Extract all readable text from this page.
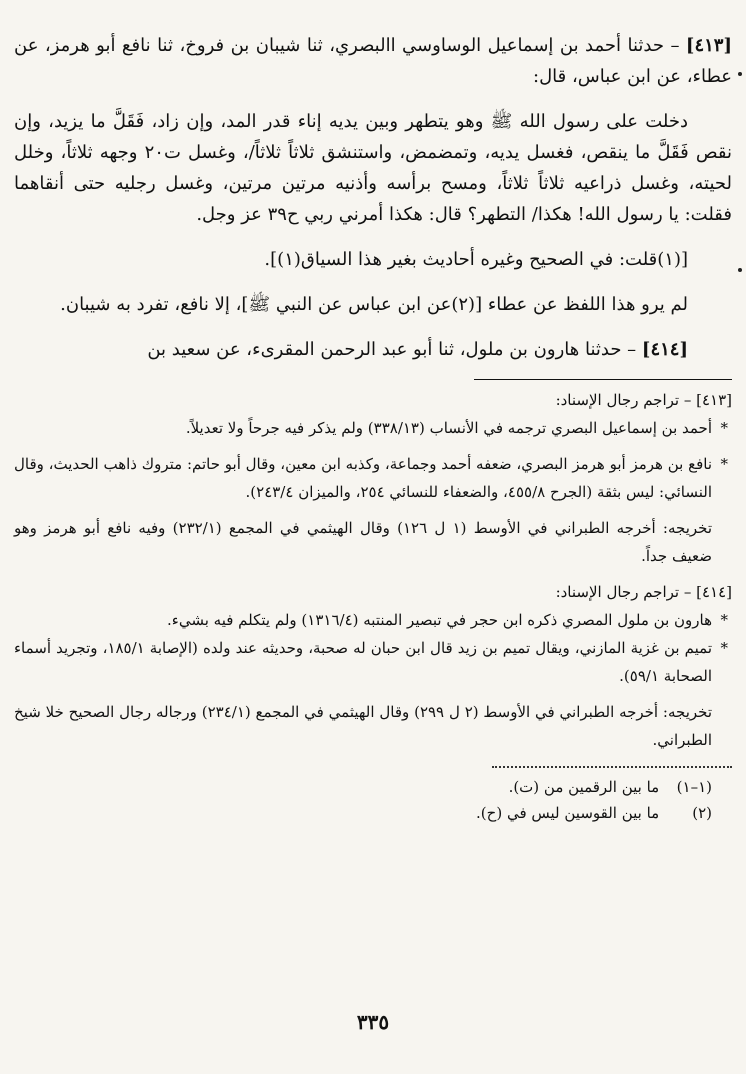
[٤١٣] – حدثنا أحمد بن إسماعيل الوساوسي االبصري، ثنا شيبان بن فروخ، ثنا نافع أبو هرمز، عن عطاء، عن ابن عباس، قال:

دخلت على رسول الله ﷺ وهو يتطهر وبين يديه إناء قدر المد، وإن زاد، فَقَلَّ ما يزيد، وإن نقص فَقَلَّ ما ينقص، فغسل يديه، وتمضمض، واستنشق ثلاثاً ثلاثاً/، وغسل ت٢٠ وجهه ثلاثاً، وخلل لحيته، وغسل ذراعيه ثلاثاً ثلاثاً، ومسح برأسه وأذنيه مرتين مرتين، وغسل رجليه حتى أنقاهما فقلت: يا رسول الله! هكذا/ التطهر؟ قال: هكذا أمرني ربي ح٣٩ عز وجل.

[(١)قلت: في الصحيح وغيره أحاديث بغير هذا السياق(١)].

لم يرو هذا اللفظ عن عطاء [(٢)عن ابن عباس عن النبي ﷺ]، إلا نافع، تفرد به شيبان.

[٤١٤] – حدثنا هارون بن ملول، ثنا أبو عبد الرحمن المقرىء، عن سعيد بن

[٤١٣] – تراجم رجال الإسناد:
*
أحمد بن إسماعيل البصري ترجمه في الأنساب (٣٣٨/١٣) ولم يذكر فيه جرحاً ولا تعديلاً.
*
نافع بن هرمز أبو هرمز البصري، ضعفه أحمد وجماعة، وكذبه ابن معين، وقال أبو حاتم: متروك ذاهب الحديث، وقال النسائي: ليس بثقة (الجرح ٤٥٥/٨، والضعفاء للنسائي ٢٥٤، والميزان ٢٤٣/٤).
تخريجه: أخرجه الطبراني في الأوسط (١ ل ١٢٦) وقال الهيثمي في المجمع (٢٣٢/١) وفيه نافع أبو هرمز وهو ضعيف جداً.
[٤١٤] – تراجم رجال الإسناد:
*
هارون بن ملول المصري ذكره ابن حجر في تبصير المنتبه (١٣١٦/٤) ولم يتكلم فيه بشيء.
*
تميم بن غزية المازني، ويقال تميم بن زيد قال ابن حبان له صحبة، وحديثه عند ولده (الإصابة ١٨٥/١، وتجريد أسماء الصحابة ٥٩/١).
تخريجه: أخرجه الطبراني في الأوسط (٢ ل ٢٩٩) وقال الهيثمي في المجمع (٢٣٤/١) ورجاله رجال الصحيح خلا شيخ الطبراني.
(١–١) ما بين الرقمين من (ت).
(٢) ما بين القوسين ليس في (ح).
٣٣٥
